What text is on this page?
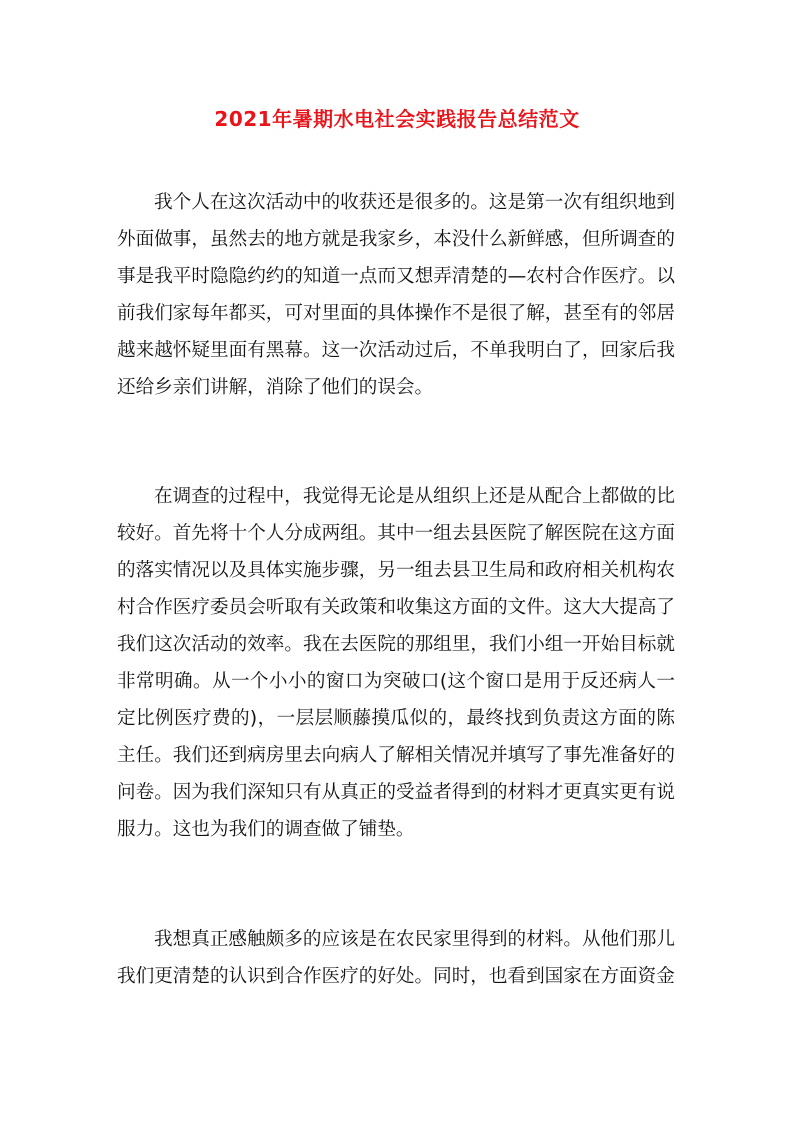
2021年暑期水电社会实践报告总结范文

我个人在这次活动中的收获还是很多的。这是第一次有组织地到外面做事，虽然去的地方就是我家乡，本没什么新鲜感，但所调查的事是我平时隐隐约约的知道一点而又想弄清楚的—农村合作医疗。以前我们家每年都买，可对里面的具体操作不是很了解，甚至有的邻居越来越怀疑里面有黑幕。这一次活动过后，不单我明白了，回家后我还给乡亲们讲解，消除了他们的误会。

在调查的过程中，我觉得无论是从组织上还是从配合上都做的比较好。首先将十个人分成两组。其中一组去县医院了解医院在这方面的落实情况以及具体实施步骤，另一组去县卫生局和政府相关机构农村合作医疗委员会听取有关政策和收集这方面的文件。这大大提高了我们这次活动的效率。我在去医院的那组里，我们小组一开始目标就非常明确。从一个小小的窗口为突破口(这个窗口是用于反还病人一定比例医疗费的)，一层层顺藤摸瓜似的，最终找到负责这方面的陈主任。我们还到病房里去向病人了解相关情况并填写了事先准备好的问卷。因为我们深知只有从真正的受益者得到的材料才更真实更有说服力。这也为我们的调查做了铺垫。

我想真正感触颇多的应该是在农民家里得到的材料。从他们那儿我们更清楚的认识到合作医疗的好处。同时，也看到国家在方面资金
